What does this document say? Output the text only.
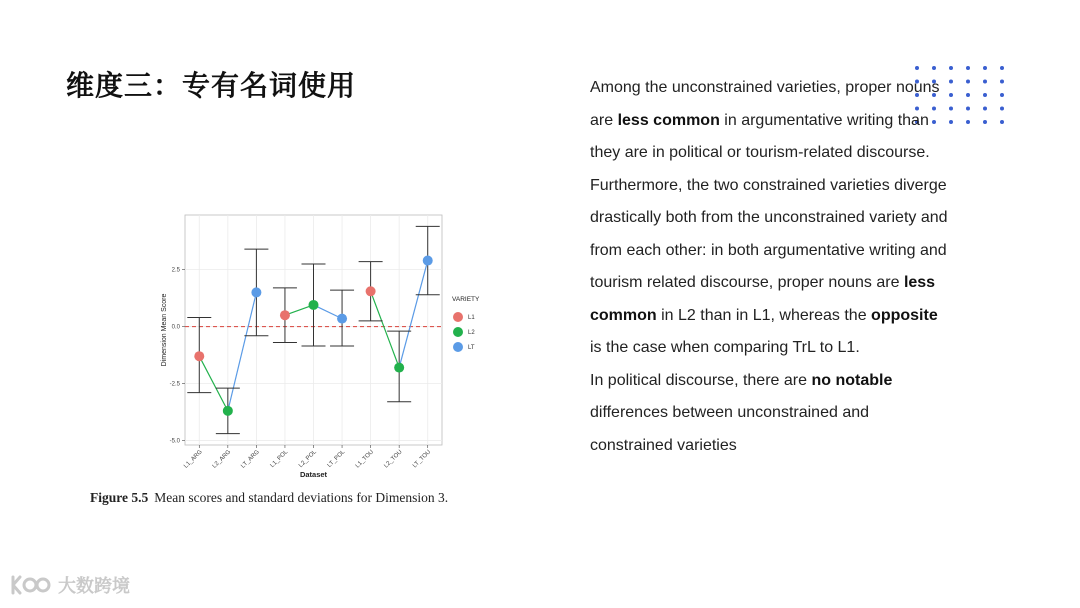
维度三：专有名词使用	Among the unconstrained varieties, proper nouns are less common in argumentative writing than they are in political or tourism-related discourse.

Furthermore, the two constrained varieties diverge drastically both from the unconstrained variety and from each other: in both argumentative writing and tourism related discourse, proper nouns are less common in L2 than in L1, whereas the opposite is the case when comparing TrL to L1.

In political discourse, there are no notable differences between unconstrained and constrained varieties

-5.0
-2.5
0.0
2.5
L1_ARG L2_ARG LT_ARG L1_POL L2_POL LT_POL L1_TOU L2_TOU LT_TOU
Dataset
Dimension Mean Score	VARIETY
L1
L2
LT
Figure 5.5 Mean scores and standard deviations for Dimension 3.
大数跨境
